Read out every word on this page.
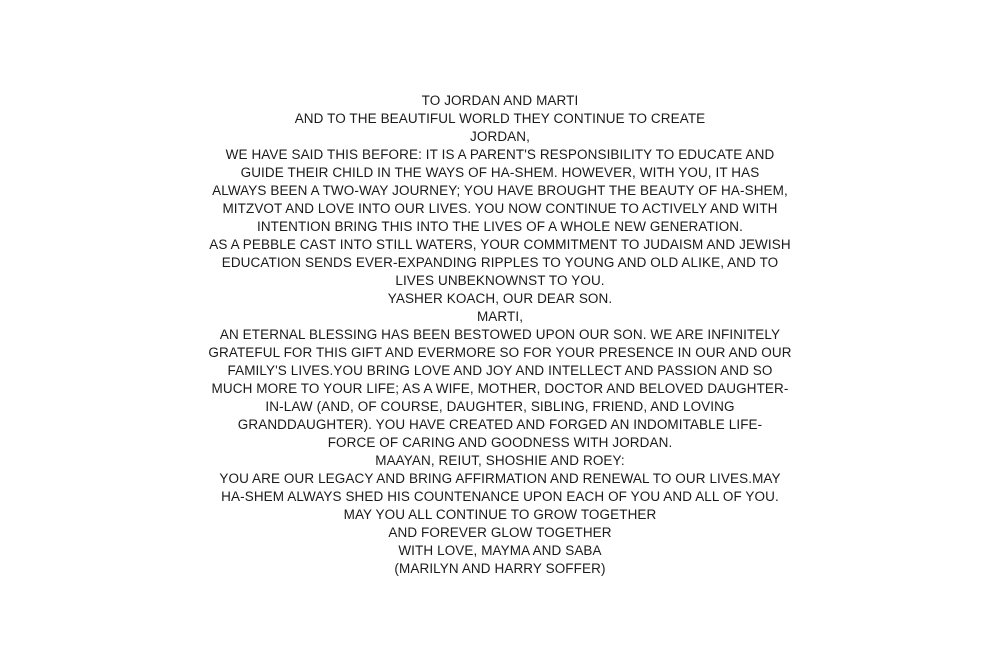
TO JORDAN AND MARTI
AND TO THE BEAUTIFUL WORLD THEY CONTINUE TO CREATE
JORDAN,
WE HAVE SAID THIS BEFORE: IT IS A PARENT'S RESPONSIBILITY TO EDUCATE AND
GUIDE THEIR CHILD IN THE WAYS OF HA-SHEM. HOWEVER, WITH YOU, IT HAS
ALWAYS BEEN A TWO-WAY JOURNEY; YOU HAVE BROUGHT THE BEAUTY OF HA-SHEM,
MITZVOT AND LOVE INTO OUR LIVES. YOU NOW CONTINUE TO ACTIVELY AND WITH
INTENTION BRING THIS INTO THE LIVES OF A WHOLE NEW GENERATION.
AS A PEBBLE CAST INTO STILL WATERS, YOUR COMMITMENT TO JUDAISM AND JEWISH
EDUCATION SENDS EVER-EXPANDING RIPPLES TO YOUNG AND OLD ALIKE, AND TO
LIVES UNBEKNOWNST TO YOU.
YASHER KOACH, OUR DEAR SON.
MARTI,
AN ETERNAL BLESSING HAS BEEN BESTOWED UPON OUR SON. WE ARE INFINITELY
GRATEFUL FOR THIS GIFT AND EVERMORE SO FOR YOUR PRESENCE IN OUR AND OUR
FAMILY'S LIVES.YOU BRING LOVE AND JOY AND INTELLECT AND PASSION AND SO
MUCH MORE TO YOUR LIFE; AS A WIFE, MOTHER, DOCTOR AND BELOVED DAUGHTER-
IN-LAW (AND, OF COURSE, DAUGHTER, SIBLING, FRIEND, AND LOVING
GRANDDAUGHTER). YOU HAVE CREATED AND FORGED AN INDOMITABLE LIFE-
FORCE OF CARING AND GOODNESS WITH JORDAN.
MAAYAN, REIUT, SHOSHIE AND ROEY:
YOU ARE OUR LEGACY AND BRING AFFIRMATION AND RENEWAL TO OUR LIVES.MAY
HA-SHEM ALWAYS SHED HIS COUNTENANCE UPON EACH OF YOU AND ALL OF YOU.
MAY YOU ALL CONTINUE TO GROW TOGETHER
AND FOREVER GLOW TOGETHER
WITH LOVE, MAYMA AND SABA
(MARILYN AND HARRY SOFFER)
